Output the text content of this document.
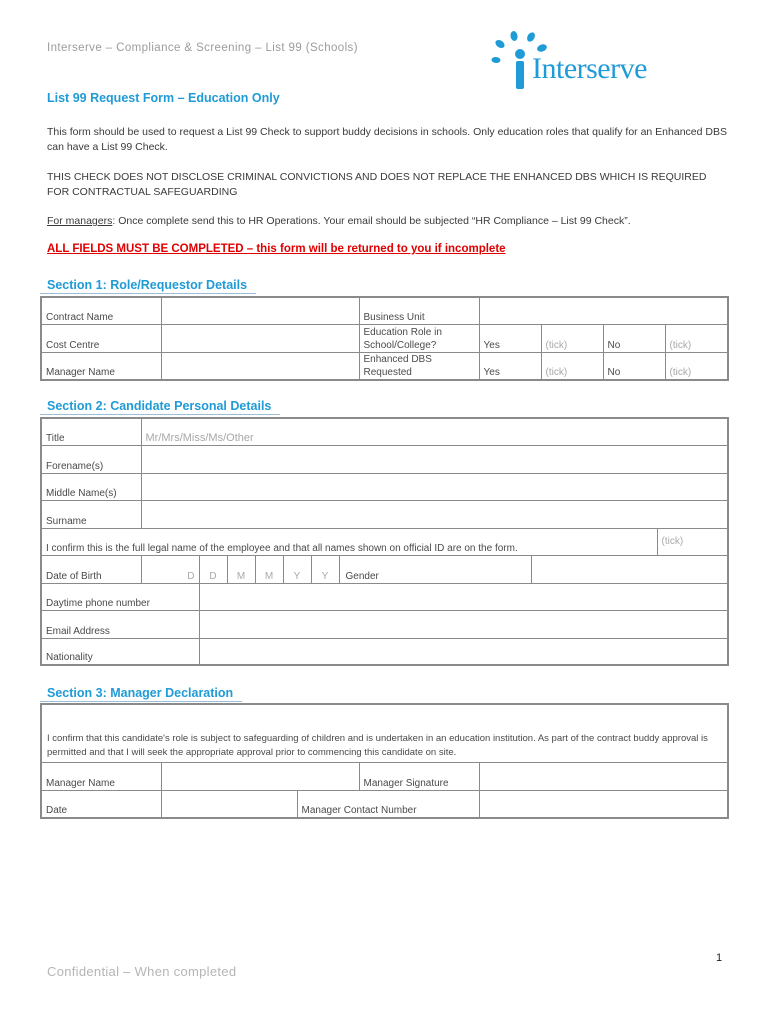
Interserve – Compliance & Screening – List 99 (Schools)
Interserve
List 99 Request Form – Education Only
This form should be used to request a List 99 Check to support buddy decisions in schools. Only education roles that qualify for an Enhanced DBS can have a List 99 Check.
THIS CHECK DOES NOT DISCLOSE CRIMINAL CONVICTIONS AND DOES NOT REPLACE THE ENHANCED DBS WHICH IS REQUIRED FOR CONTRACTUAL SAFEGUARDING
For managers: Once complete send this to HR Operations. Your email should be subjected “HR Compliance – List 99 Check”.
ALL FIELDS MUST BE COMPLETED – this form will be returned to you if incomplete
Section 1: Role/Requestor Details
Contract Name		Business Unit				
Cost Centre		Education Role in School/College?	Yes	(tick)	No	(tick)
Manager Name		Enhanced DBS Requested	Yes	(tick)	No	(tick)
Section 2: Candidate Personal Details
Title	Mr/Mrs/Miss/Ms/Other								
Forename(s)									
Middle Name(s)									
Surname									
I confirm this is the full legal name of the employee and that all names shown on official ID are on the form.									(tick)
Date of Birth	D	D	M	M	Y	Y	Gender		
Daytime phone number									
Email Address									
Nationality									
Section 3: Manager Declaration
I confirm that this candidate's role is subject to safeguarding of children and is undertaken in an education institution. As part of the contract buddy approval is permitted and that I will seek the appropriate approval prior to commencing this candidate on site.				
Manager Name			Manager Signature	
Date		Manager Contact Number		
1
Confidential – When completed
